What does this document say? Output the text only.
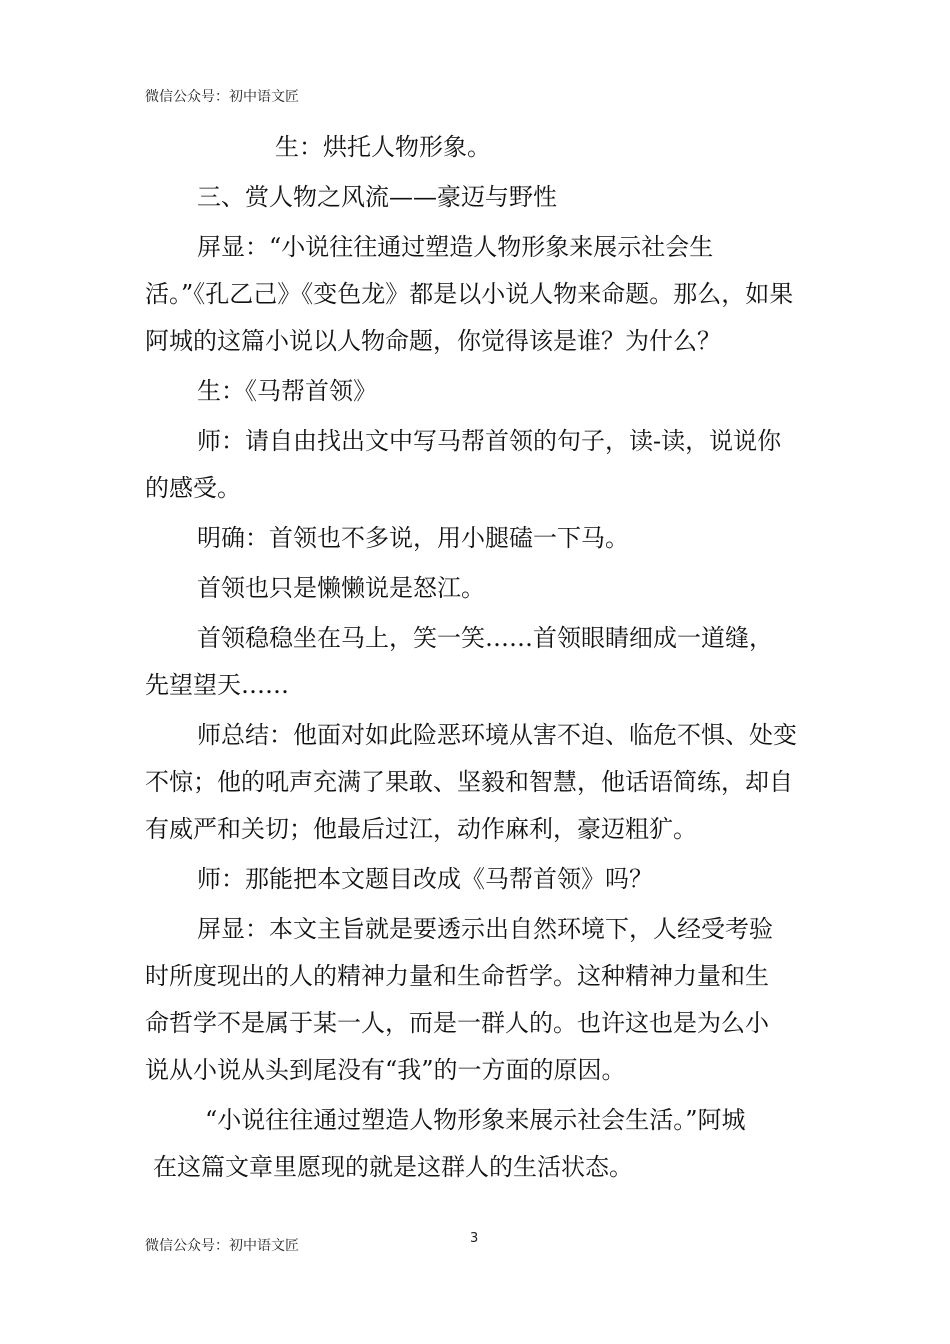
微信公众号：初中语文匠

生：烘托人物形象。

三、赏人物之风流——豪迈与野性

屏显：“小说往往通过塑造人物形象来展示社会生
活。”《孔乙己》《变色龙》都是以小说人物来命题。那么，如果
阿城的这篇小说以人物命题，你觉得该是谁？为什么？

生：《马帮首领》

师：请自由找出文中写马帮首领的句子，读-读，说说你
的感受。

明确：首领也不多说，用小腿磕一下马。

首领也只是懒懒说是怒江。

首领稳稳坐在马上，笑一笑……首领眼睛细成一道缝，
先望望天……

师总结：他面对如此险恶环境从害不迫、临危不惧、处变
不惊；他的吼声充满了果敢、坚毅和智慧，他话语简练，却自
有威严和关切；他最后过江，动作麻利，豪迈粗犷。

师：那能把本文题目改成《马帮首领》吗？

屏显：本文主旨就是要透示出自然环境下，人经受考验
时所度现出的人的精神力量和生命哲学。这种精神力量和生
命哲学不是属于某一人，而是一群人的。也许这也是为么小
说从小说从头到尾没有“我”的一方面的原因。

“小说往往通过塑造人物形象来展示社会生活。”阿城
在这篇文章里愿现的就是这群人的生活状态。

微信公众号：初中语文匠	3
